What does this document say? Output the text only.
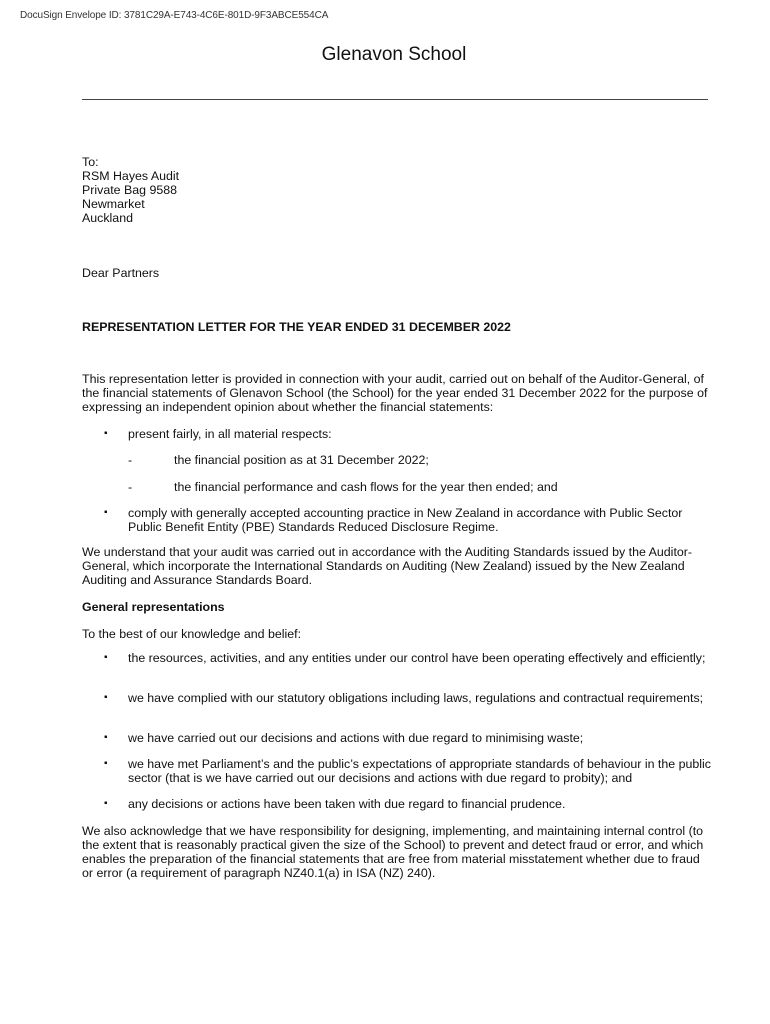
DocuSign Envelope ID: 3781C29A-E743-4C6E-801D-9F3ABCE554CA
Glenavon School
To:
RSM Hayes Audit
Private Bag 9588
Newmarket
Auckland
Dear Partners
REPRESENTATION LETTER FOR THE YEAR ENDED 31 DECEMBER 2022
This representation letter is provided in connection with your audit, carried out on behalf of the Auditor-General, of the financial statements of Glenavon School (the School) for the year ended 31 December 2022 for the purpose of expressing an independent opinion about whether the financial statements:
▪ present fairly, in all material respects:
-	the financial position as at 31 December 2022;
-	the financial performance and cash flows for the year then ended; and
▪ comply with generally accepted accounting practice in New Zealand in accordance with Public Sector Public Benefit Entity (PBE) Standards Reduced Disclosure Regime.
We understand that your audit was carried out in accordance with the Auditing Standards issued by the Auditor-General, which incorporate the International Standards on Auditing (New Zealand) issued by the New Zealand Auditing and Assurance Standards Board.
General representations
To the best of our knowledge and belief:
▪ the resources, activities, and any entities under our control have been operating effectively and efficiently;
▪ we have complied with our statutory obligations including laws, regulations and contractual requirements;
▪ we have carried out our decisions and actions with due regard to minimising waste;
▪ we have met Parliament’s and the public’s expectations of appropriate standards of behaviour in the public sector (that is we have carried out our decisions and actions with due regard to probity); and
▪ any decisions or actions have been taken with due regard to financial prudence.
We also acknowledge that we have responsibility for designing, implementing, and maintaining internal control (to the extent that is reasonably practical given the size of the School) to prevent and detect fraud or error, and which enables the preparation of the financial statements that are free from material misstatement whether due to fraud or error (a requirement of paragraph NZ40.1(a) in ISA (NZ) 240).
